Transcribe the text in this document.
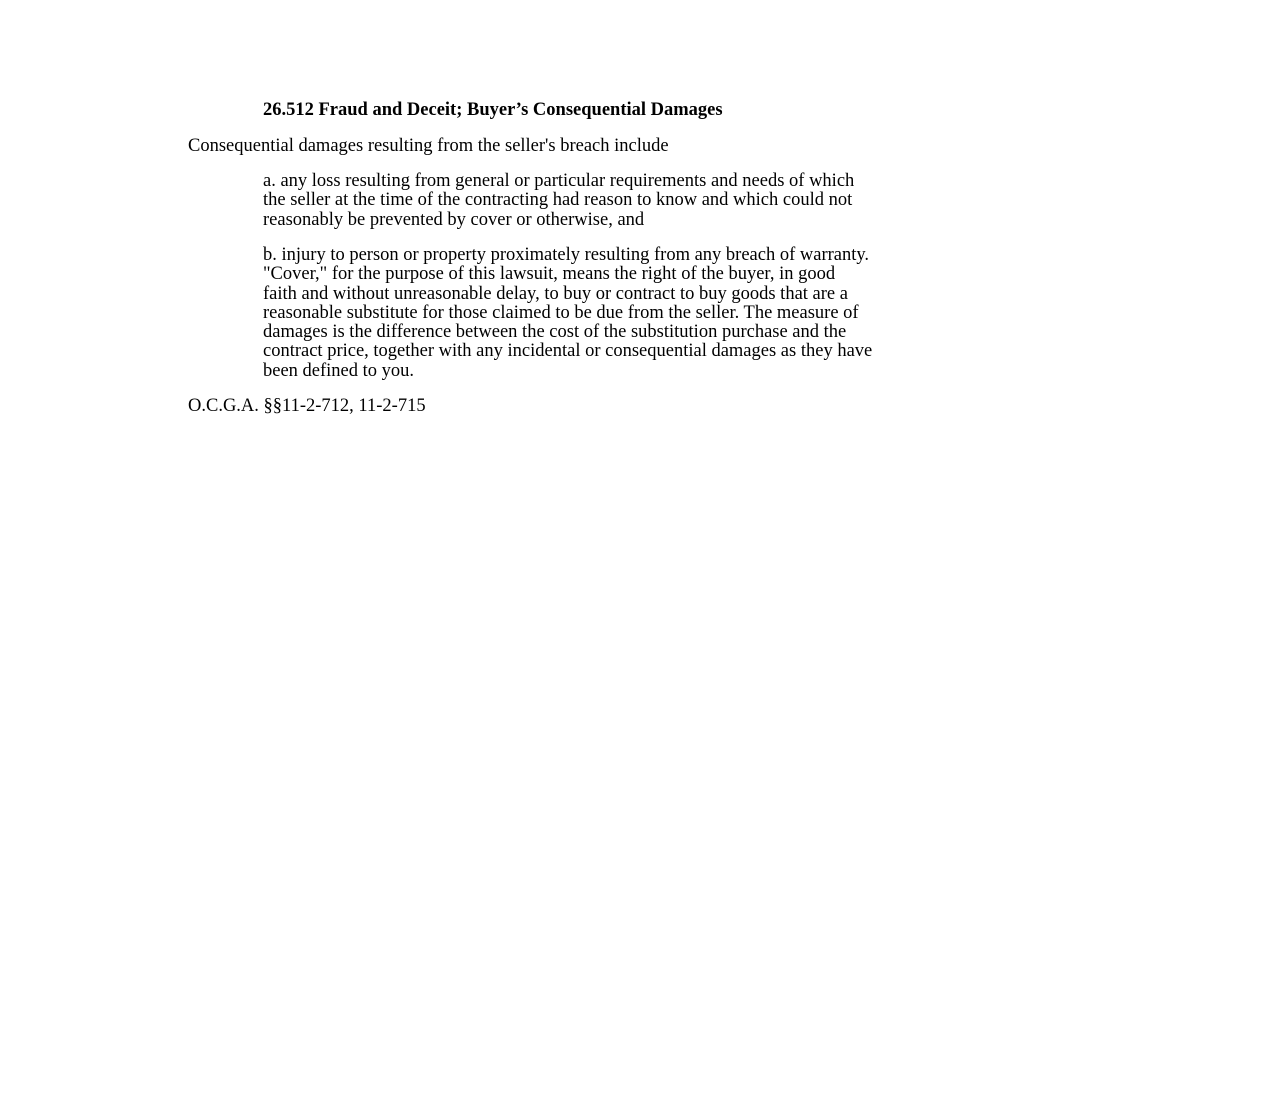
26.512 Fraud and Deceit; Buyer’s Consequential Damages
Consequential damages resulting from the seller's breach include
a. any loss resulting from general or particular requirements and needs of which
the seller at the time of the contracting had reason to know and which could not
reasonably be prevented by cover or otherwise, and
b. injury to person or property proximately resulting from any breach of warranty.
"Cover," for the purpose of this lawsuit, means the right of the buyer, in good
faith and without unreasonable delay, to buy or contract to buy goods that are a
reasonable substitute for those claimed to be due from the seller. The measure of
damages is the difference between the cost of the substitution purchase and the
contract price, together with any incidental or consequential damages as they have
been defined to you.
O.C.G.A. §§11-2-712, 11-2-715
